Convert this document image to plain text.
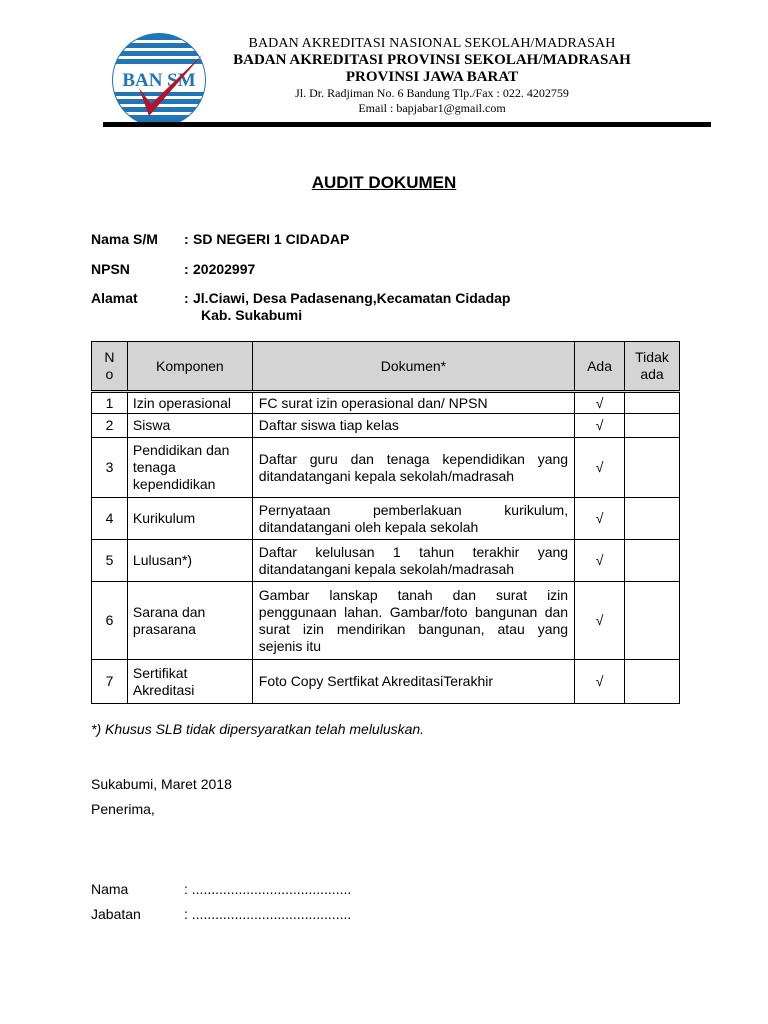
BAN SM
BADAN AKREDITASI NASIONAL SEKOLAH/MADRASAH
BADAN AKREDITASI PROVINSI SEKOLAH/MADRASAH
PROVINSI JAWA BARAT
Jl. Dr. Radjiman No. 6 Bandung Tlp./Fax : 022. 4202759
Email : bapjabar1@gmail.com
AUDIT DOKUMEN
Nama S/M	: SD NEGERI 1 CIDADAP
NPSN	: 20202997
Alamat	: Jl.Ciawi, Desa Padasenang,Kecamatan Cidadap
Kab. Sukabumi
N o	Komponen	Dokumen*	Ada	Tidak ada

1	Izin operasional	FC surat izin operasional dan/ NPSN	√	
2	Siswa	Daftar siswa tiap kelas	√	
3	Pendidikan dan tenaga kependidikan	Daftar guru dan tenaga kependidikan yang ditandatangani kepala sekolah/madrasah	√	
4	Kurikulum	Pernyataan pemberlakuan kurikulum, ditandatangani oleh kepala sekolah	√	
5	Lulusan*)	Daftar kelulusan 1 tahun terakhir yang ditandatangani kepala sekolah/madrasah	√	
6	Sarana dan prasarana	Gambar lanskap tanah dan surat izin penggunaan lahan. Gambar/foto bangunan dan surat izin mendirikan bangunan, atau yang sejenis itu	√	
7	Sertifikat Akreditasi	Foto Copy Sertfikat AkreditasiTerakhir	√	
*) Khusus SLB tidak dipersyaratkan telah meluluskan.
Sukabumi, Maret 2018
Penerima,
Nama	: .........................................
Jabatan	: .........................................
